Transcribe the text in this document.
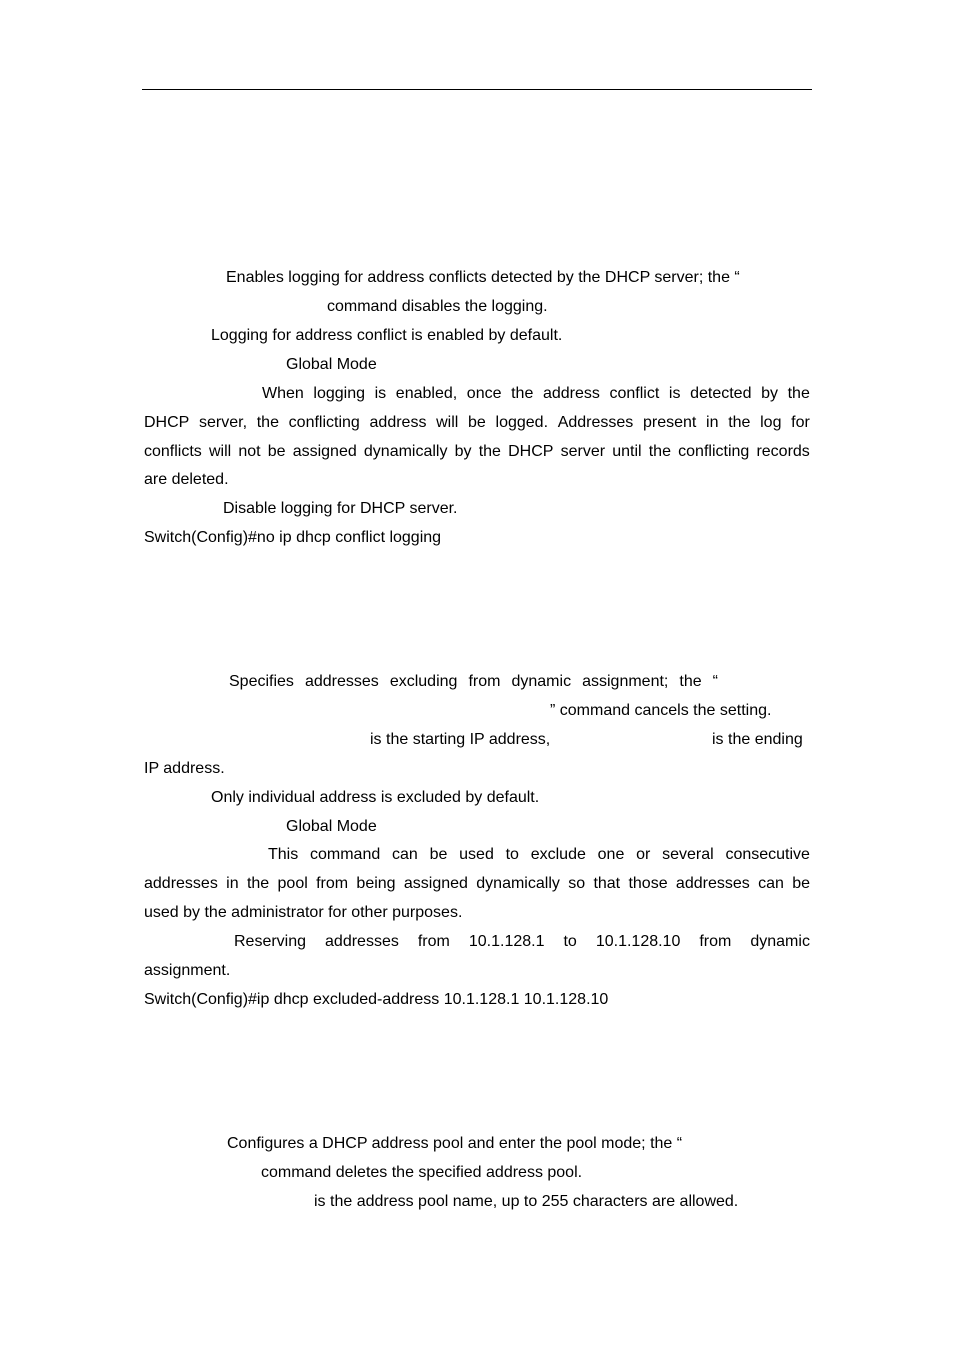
Enables logging for address conflicts detected by the DHCP server; the “
command disables the logging.
Logging for address conflict is enabled by default.
Global Mode
When logging is enabled, once the address conflict is detected by the
DHCP server, the conflicting address will be logged. Addresses present in the log for
conflicts will not be assigned dynamically by the DHCP server until the conflicting records
are deleted.
Disable logging for DHCP server.
Switch(Config)#no ip dhcp conflict logging
Specifies addresses excluding from dynamic assignment; the “
” command cancels the setting.
is the starting IP address,	is the ending
IP address.
Only individual address is excluded by default.
Global Mode
This command can be used to exclude one or several consecutive
addresses in the pool from being assigned dynamically so that those addresses can be
used by the administrator for other purposes.
Reserving addresses from 10.1.128.1 to 10.1.128.10 from dynamic
assignment.
Switch(Config)#ip dhcp excluded-address 10.1.128.1 10.1.128.10
Configures a DHCP address pool and enter the pool mode; the “
command deletes the specified address pool.
is the address pool name, up to 255 characters are allowed.
